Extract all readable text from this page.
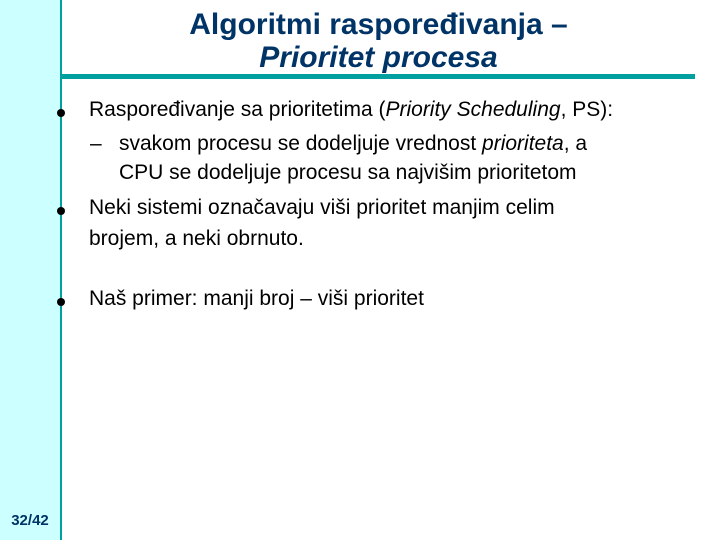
Algoritmi raspoređivanja –
Prioritet procesa
Raspoređivanje sa prioritetima (Priority Scheduling, PS):
– svakom procesu se dodeljuje vrednost prioriteta, a
CPU se dodeljuje procesu sa najvišim prioritetom
Neki sistemi označavaju viši prioritet manjim celim
brojem, a neki obrnuto.
Naš primer: manji broj – viši prioritet
32/42
